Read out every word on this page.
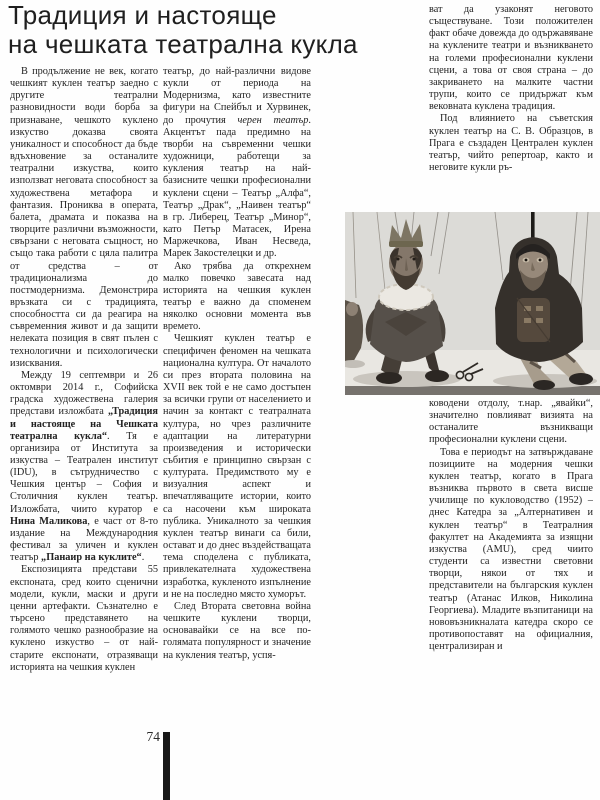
Традиция и настояще
на чешката театрална кукла

В продължение не век, когато чешкият куклен театър заедно с другите театрални разновидности води борба за признаване, чешкото куклено изкуство доказва своята уникалност и способност да бъде вдъхновение за останалите театрални изкуства, които използват неговата способност за художествена метафора и фантазия. Прониква в операта, балета, драмата и показва на творците различни възможности, свързани с неговата същност, но също така работи с цяла палитра от средства – от традиционализма до постмодернизма. Демонстрира връзката си с традицията, способността си да реагира на съвременния живот и да защити нелеката позиция в свят пълен с технологични и психологически изисквания.

Между 19 септември и 26 октомври 2014 г., Софийска градска художествена галерия представи изложбата „Традиция и настояще на Чешката театрална кукла“. Тя е организира от Института за изкуства – Театрален институт (IDU), в сътрудничество с Чешкия център – София и Столичния куклен театър. Изложбата, чиито куратор е Нина Маликова, е част от 8-то издание на Международния фестивал за уличен и куклен театър „Панаир на куклите“.

Експозицията представи 55 експоната, сред които сценични модели, кукли, маски и други ценни артефакти. Съзнателно е търсено представянето на голямото чешко разнообразие на куклено изкуство – от най-старите експонати, отразяващи историята на чешкия куклен

театър, до най-различни видове кукли от периода на Модернизма, като известните фигури на Спейбъл и Хурвинек, до прочутия черен театър. Акцентът пада предимно на творби на съвременни чешки художници, работещи за кукления театър на най-базисните чешки професионални куклени сцени – Театър „Алфа“, Театър „Драк“, „Наивен театър“ в гр. Либерец, Театър „Минор“, като Петър Матасек, Ирена Маржечкова, Иван Несведа, Марек Закостелецки и др.

Ако трябва да открехнем малко повечко завесата над историята на чешкия куклен театър е важно да споменем няколко основни момента във времето.

Чешкият куклен театър е специфичен феномен на чешката национална култура. От началото си през втората половина на XVII век той е не само достъпен за всички групи от населението и начин за контакт с театралната култура, но чрез различните адаптации на литературни произведения и исторически събития е принципно свързан с културата. Предимството му е визуалния аспект и впечатляващите истории, които са насочени към широката публика. Уникалното за чешкия куклен театър винаги са били, остават и до днес въздействащата тема споделена с публиката, привлекателната художествена изработка, кукленото изпълнение и не на последно място хуморът.

След Втората световна война чешките куклени творци, основавайки се на все по-голямата популярност и значение на кукления театър, успя-

ват да узаконят неговото съществуване. Този положителен факт обаче довежда до одържавяване на куклените театри и възникването на големи професионални куклени сцени, а това от своя страна – до закриването на малките частни трупи, които се придържат към вековната куклена традиция.

Под влиянието на съветския куклен театър на С. В. Образцов, в Прага е създаден Централен куклен театър, чийто репертоар, както и неговите кукли ръ-

ководени отдолу, т.нар. „явайки“, значително повлияват визията на останалите възникващи професионални куклени сцени.

Това е периодът на затвърждаване позициите на модерния чешки куклен театър, когато в Прага възниква първото в света висше училище по кукловодство (1952) – днес Катедра за „Алтернативен и куклен театър“ в Театралния факултет на Академията за изящни изкуства (AMU), сред чиито студенти са известни световни творци, някои от тях и представители на българския куклен театър (Атанас Илков, Николина Георгиева). Младите възпитаници на нововъзникналата катедра скоро се противопоставят на официалния, централизиран и

74
